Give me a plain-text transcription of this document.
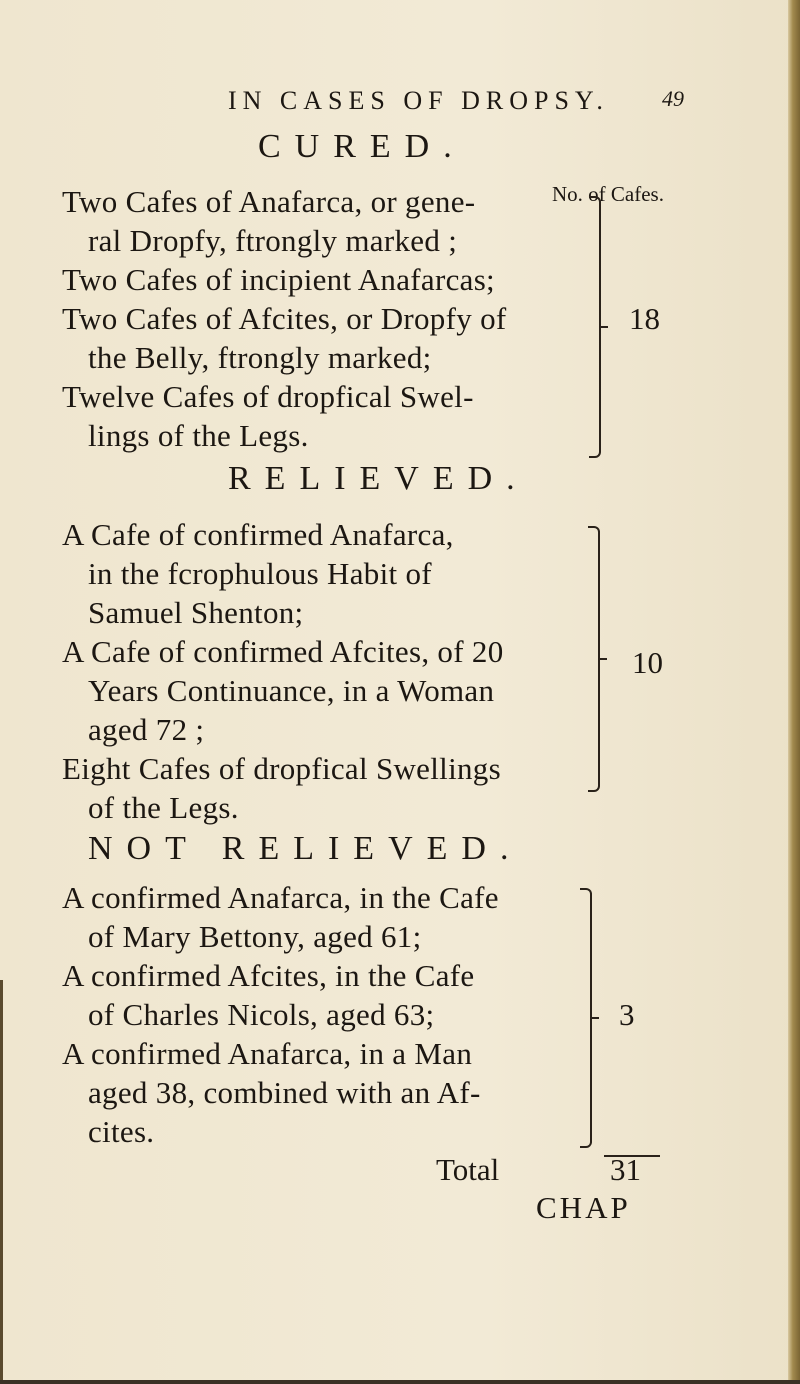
IN CASES OF DROPSY. 49
CURED.
No. of Cafes.
Two Cafes of Anafarca, or gene-
ral Dropfy, ftrongly marked ;
Two Cafes of incipient Anafarcas;
Two Cafes of Afcites, or Dropfy of
the Belly, ftrongly marked;
Twelve Cafes of dropfical Swel-
lings of the Legs.
18
RELIEVED.
A Cafe of confirmed Anafarca,
in the fcrophulous Habit of
Samuel Shenton;
A Cafe of confirmed Afcites, of 20
Years Continuance, in a Woman
aged 72 ;
Eight Cafes of dropfical Swellings
of the Legs.
10
NOT RELIEVED.
A confirmed Anafarca, in the Cafe
of Mary Bettony, aged 61;
A confirmed Afcites, in the Cafe
of Charles Nicols, aged 63;
A confirmed Anafarca, in a Man
aged 38, combined with an Af-
cites.
3
Total	31
CHAP
